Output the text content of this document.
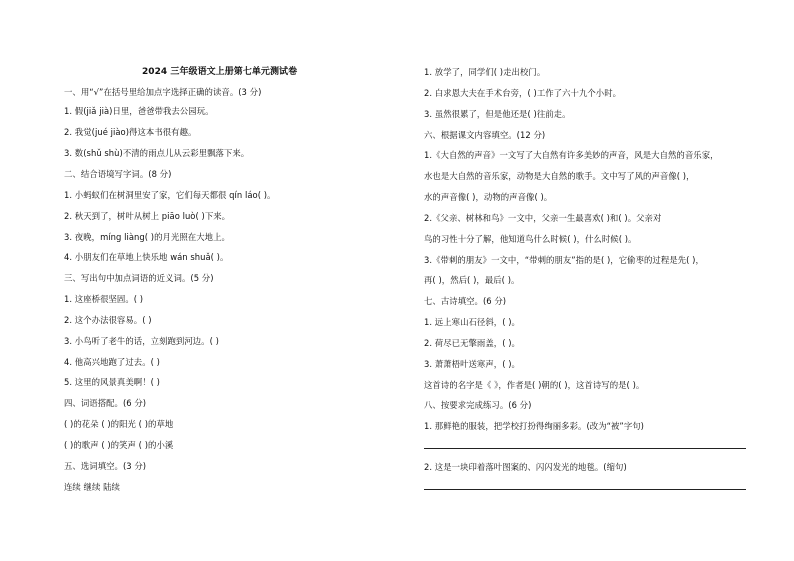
2024 三年级语文上册第七单元测试卷
一、用“√”在括号里给加点字选择正确的读音。(3 分)
1. 假(jiǎ jià)日里，爸爸带我去公园玩。
2. 我觉(jué jiào)得这本书很有趣。
3. 数(shǔ shù)不清的雨点儿从云彩里飘落下来。
二、结合语境写字词。(8 分)
1. 小蚂蚁们在树洞里安了家，它们每天都很 qín láo( )。
2. 秋天到了，树叶从树上 piāo luò( )下来。
3. 夜晚，míng liàng( )的月光照在大地上。
4. 小朋友们在草地上快乐地 wán shuǎ( )。
三、写出句中加点词语的近义词。(5 分)
1. 这座桥很坚固。( )
2. 这个办法很容易。( )
3. 小鸟听了老牛的话，立刻跑到河边。( )
4. 他高兴地跑了过去。( )
5. 这里的风景真美啊！( )
四、词语搭配。(6 分)
( )的花朵 ( )的阳光 ( )的草地
( )的歌声 ( )的笑声 ( )的小溪
五、选词填空。(3 分)
连续 继续 陆续
1. 放学了，同学们( )走出校门。
2. 白求恩大夫在手术台旁，( )工作了六十九个小时。
3. 虽然很累了，但是他还是( )往前走。
六、根据课文内容填空。(12 分)
1.《大自然的声音》一文写了大自然有许多美妙的声音，风是大自然的音乐家，
水也是大自然的音乐家，动物是大自然的歌手。文中写了风的声音像( )，
水的声音像( )，动物的声音像( )。
2.《父亲、树林和鸟》一文中，父亲一生最喜欢( )和( )。父亲对
鸟的习性十分了解，他知道鸟什么时候( )，什么时候( )。
3.《带刺的朋友》一文中，“带刺的朋友”指的是( )，它偷枣的过程是先( )，
再( )，然后( )，最后( )。
七、古诗填空。(6 分)
1. 远上寒山石径斜，( )。
2. 荷尽已无擎雨盖，( )。
3. 萧萧梧叶送寒声，( )。
这首诗的名字是《 》，作者是( )朝的( )，这首诗写的是( )。
八、按要求完成练习。(6 分)
1. 那鲜艳的服装，把学校打扮得绚丽多彩。(改为“被”字句)
2. 这是一块印着落叶图案的、闪闪发光的地毯。(缩句)
